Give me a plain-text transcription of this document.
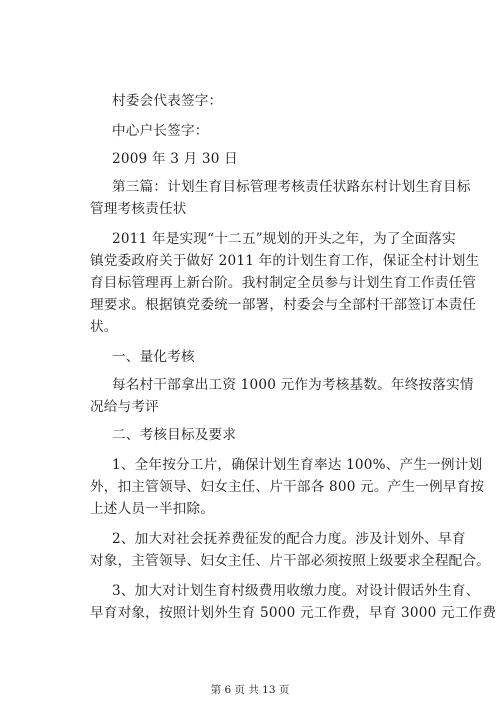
村委会代表签字：
中心户长签字：
2009 年 3 月 30 日
第三篇：计划生育目标管理考核责任状路东村计划生育目标
管理考核责任状
2011 年是实现“十二五”规划的开头之年，为了全面落实
镇党委政府关于做好 2011 年的计划生育工作，保证全村计划生
育目标管理再上新台阶。我村制定全员参与计划生育工作责任管
理要求。根据镇党委统一部署，村委会与全部村干部签订本责任
状。
一、量化考核
每名村干部拿出工资 1000 元作为考核基数。年终按落实情
况给与考评
二、考核目标及要求
1、全年按分工片，确保计划生育率达 100%、产生一例计划
外，扣主管领导、妇女主任、片干部各 800 元。产生一例早育按
上述人员一半扣除。
2、加大对社会抚养费征发的配合力度。涉及计划外、早育
对象，主管领导、妇女主任、片干部必须按照上级要求全程配合。
3、加大对计划生育村级费用收缴力度。对设计假话外生育、
早育对象，按照计划外生育 5000 元工作费，早育 3000 元工作费
第 6 页 共 13 页
